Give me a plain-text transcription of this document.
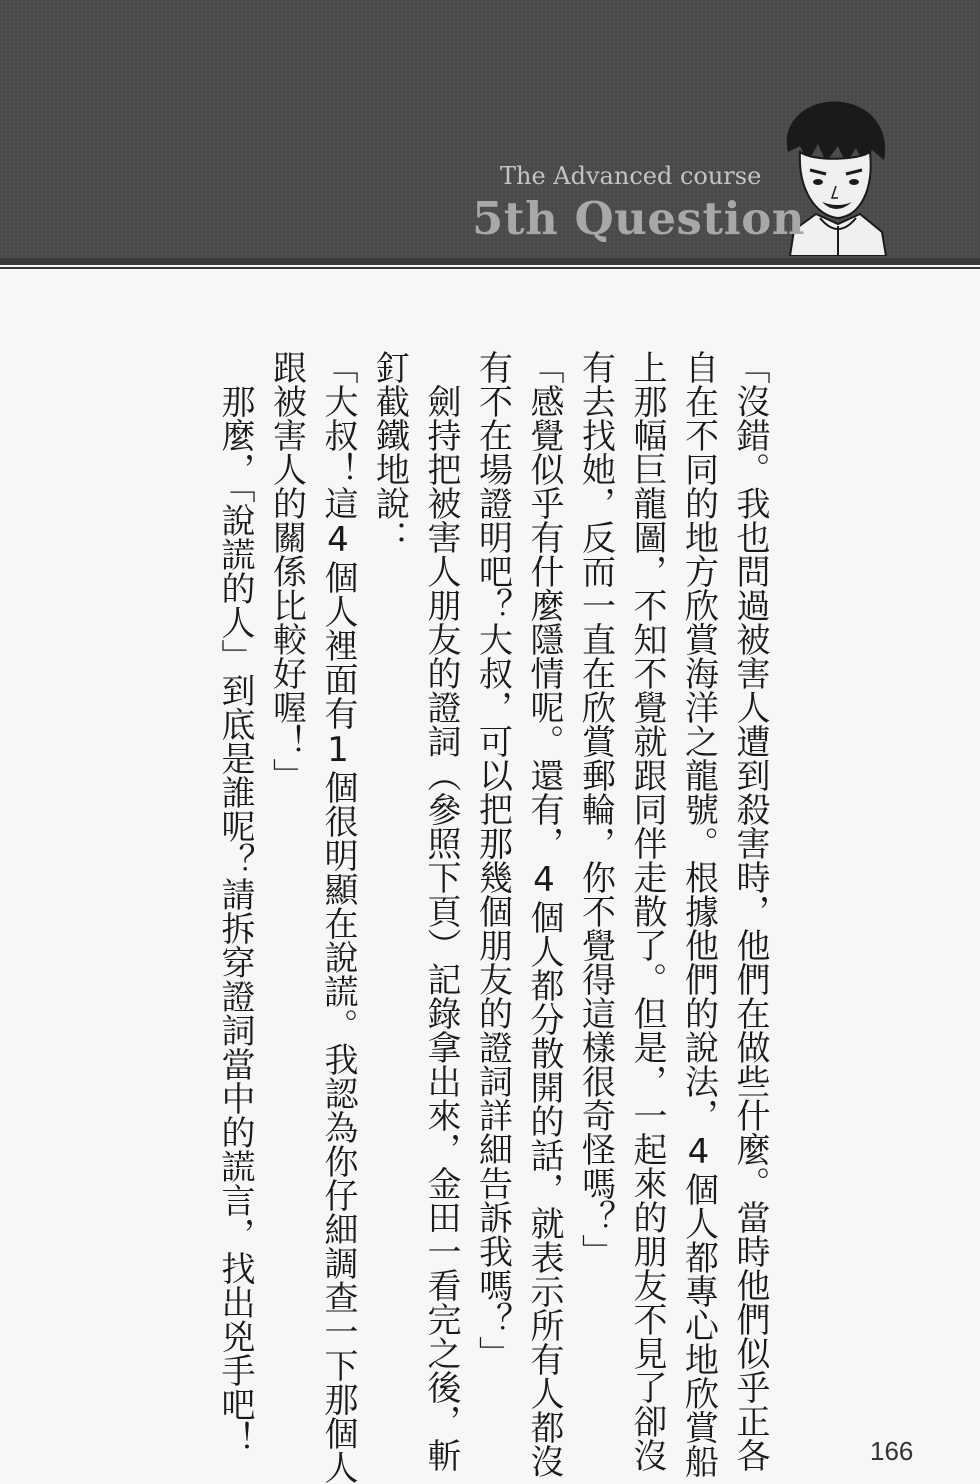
The Advanced course
5th Question
「沒錯。我也問過被害人遭到殺害時，他們在做些什麼。當時他們似乎正各
自在不同的地方欣賞海洋之龍號。根據他們的說法，4個人都專心地欣賞船
上那幅巨龍圖，不知不覺就跟同伴走散了。但是，一起來的朋友不見了卻沒
有去找她，反而一直在欣賞郵輪，你不覺得這樣很奇怪嗎？」
「感覺似乎有什麼隱情呢。還有，4個人都分散開的話，就表示所有人都沒
有不在場證明吧？大叔，可以把那幾個朋友的證詞詳細告訴我嗎？」
劍持把被害人朋友的證詞（參照下頁）記錄拿出來，金田一看完之後，斬
釘截鐵地說：
「大叔！這4個人裡面有1個很明顯在說謊。我認為你仔細調查一下那個人
跟被害人的關係比較好喔！」
那麼，「說謊的人」到底是誰呢？請拆穿證詞當中的謊言，找出兇手吧！	166
